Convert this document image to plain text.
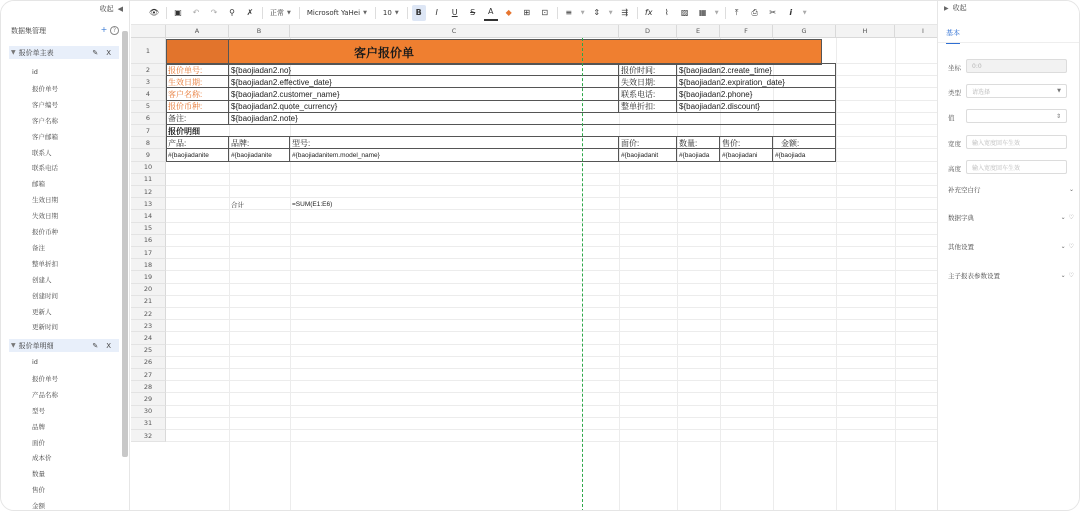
收起 ◀
数据集管理	+ ?
▼ 报价单主表	✎ X
id
报价单号
客户编号
客户名称
客户邮箱
联系人
联系电话
邮箱
生效日期
失效日期
报价币种
备注
整单折扣
创建人
创建时间
更新人
更新时间
▼ 报价单明细	✎ X
id
报价单号
产品名称
型号
品牌
面价
成本价
数量
售价
金额
👁	▣	↶	↷	⚲	✗	正常 ▼ Microsoft YaHei ▼ 10 ▼	B	I	U	S	A	◆	⊞	⊡	≡	▼	⇕	▼	⇶	fx	⌇	▨	▦	▼	⤒	⎙	✂	i	▼
A	B	C	D	E	F	G	H	I
1
2
3
4
5
6
7
8
9
10
11
12
13
14
15
16
17
18
19
20
21
22
23
24
25
26
27
28
29
30
31
32
客户报价单
报价单号:	${baojiadan2.no}	报价时间:	${baojiadan2.create_time}
生效日期:	${baojiadan2.effective_date}	失效日期:	${baojiadan2.expiration_date}
客户名称:	${baojiadan2.customer_name}	联系电话:	${baojiadan2.phone}
报价币种:	${baojiadan2.quote_currency}	整单折扣:	${baojiadan2.discount}
备注:	${baojiadan2.note}
报价明细
产品:	品牌:	型号:	面价:	数量:	售价:	金额:
#{baojiadanite	#{baojiadanite	#{baojiadanitem.model_name}	#{baojiadanit	#{baojiada	#{baojiadani	#{baojiada
合计	=SUM(E1:E6)
▶ 收起
基本
坐标 0:0
类型 请选择	▼
值	⇕
宽度 输入宽度回车生效
高度 输入宽度回车生效
补充空白行	⌄
数据字典	⌄ ♡
其他设置	⌄ ♡
主子报表参数设置	⌄ ♡
